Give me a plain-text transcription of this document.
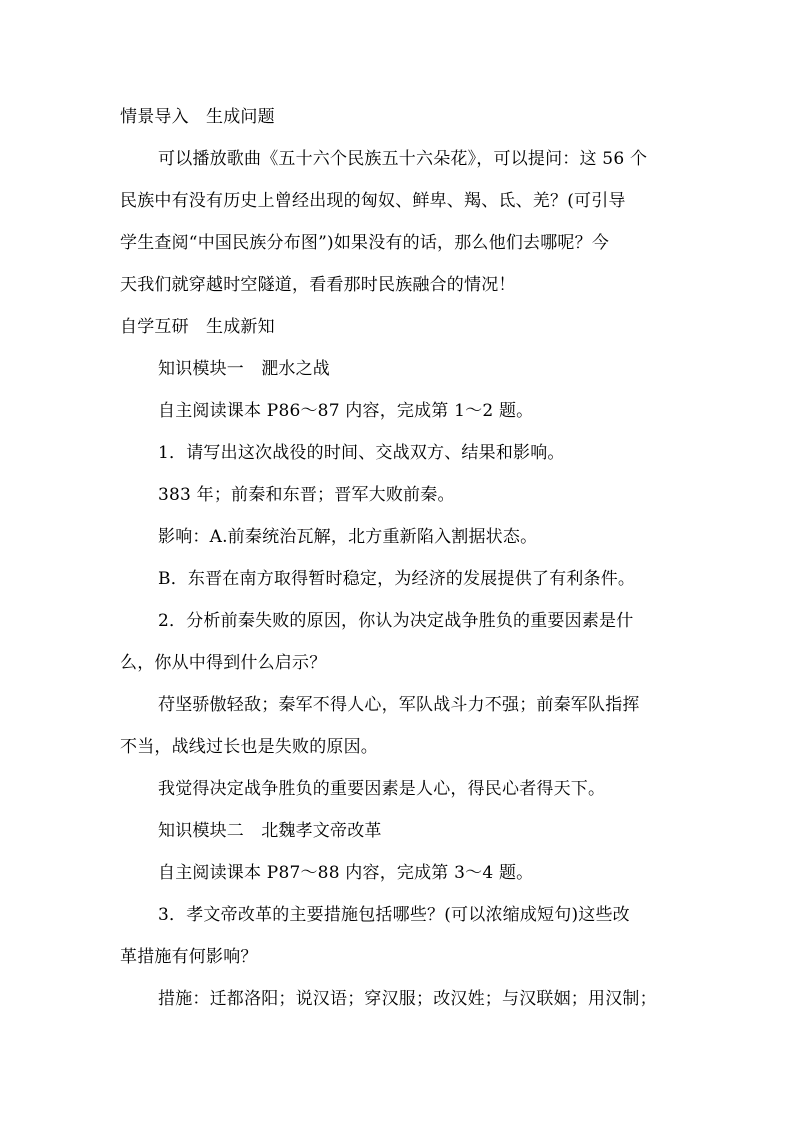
情景导入　生成问题
可以播放歌曲《五十六个民族五十六朵花》，可以提问：这 56 个
民族中有没有历史上曾经出现的匈奴、鲜卑、羯、氐、羌？(可引导
学生查阅“中国民族分布图”)如果没有的话，那么他们去哪呢？今
天我们就穿越时空隧道，看看那时民族融合的情况！
自学互研　生成新知
知识模块一　淝水之战
自主阅读课本 P86～87 内容，完成第 1～2 题。
1．请写出这次战役的时间、交战双方、结果和影响。
383 年；前秦和东晋；晋军大败前秦。
影响：A.前秦统治瓦解，北方重新陷入割据状态。
B．东晋在南方取得暂时稳定，为经济的发展提供了有利条件。
2．分析前秦失败的原因，你认为决定战争胜负的重要因素是什
么，你从中得到什么启示？
苻坚骄傲轻敌；秦军不得人心，军队战斗力不强；前秦军队指挥
不当，战线过长也是失败的原因。
我觉得决定战争胜负的重要因素是人心，得民心者得天下。
知识模块二　北魏孝文帝改革
自主阅读课本 P87～88 内容，完成第 3～4 题。
3．孝文帝改革的主要措施包括哪些？(可以浓缩成短句)这些改
革措施有何影响？
措施：迁都洛阳；说汉语；穿汉服；改汉姓；与汉联姻；用汉制；
